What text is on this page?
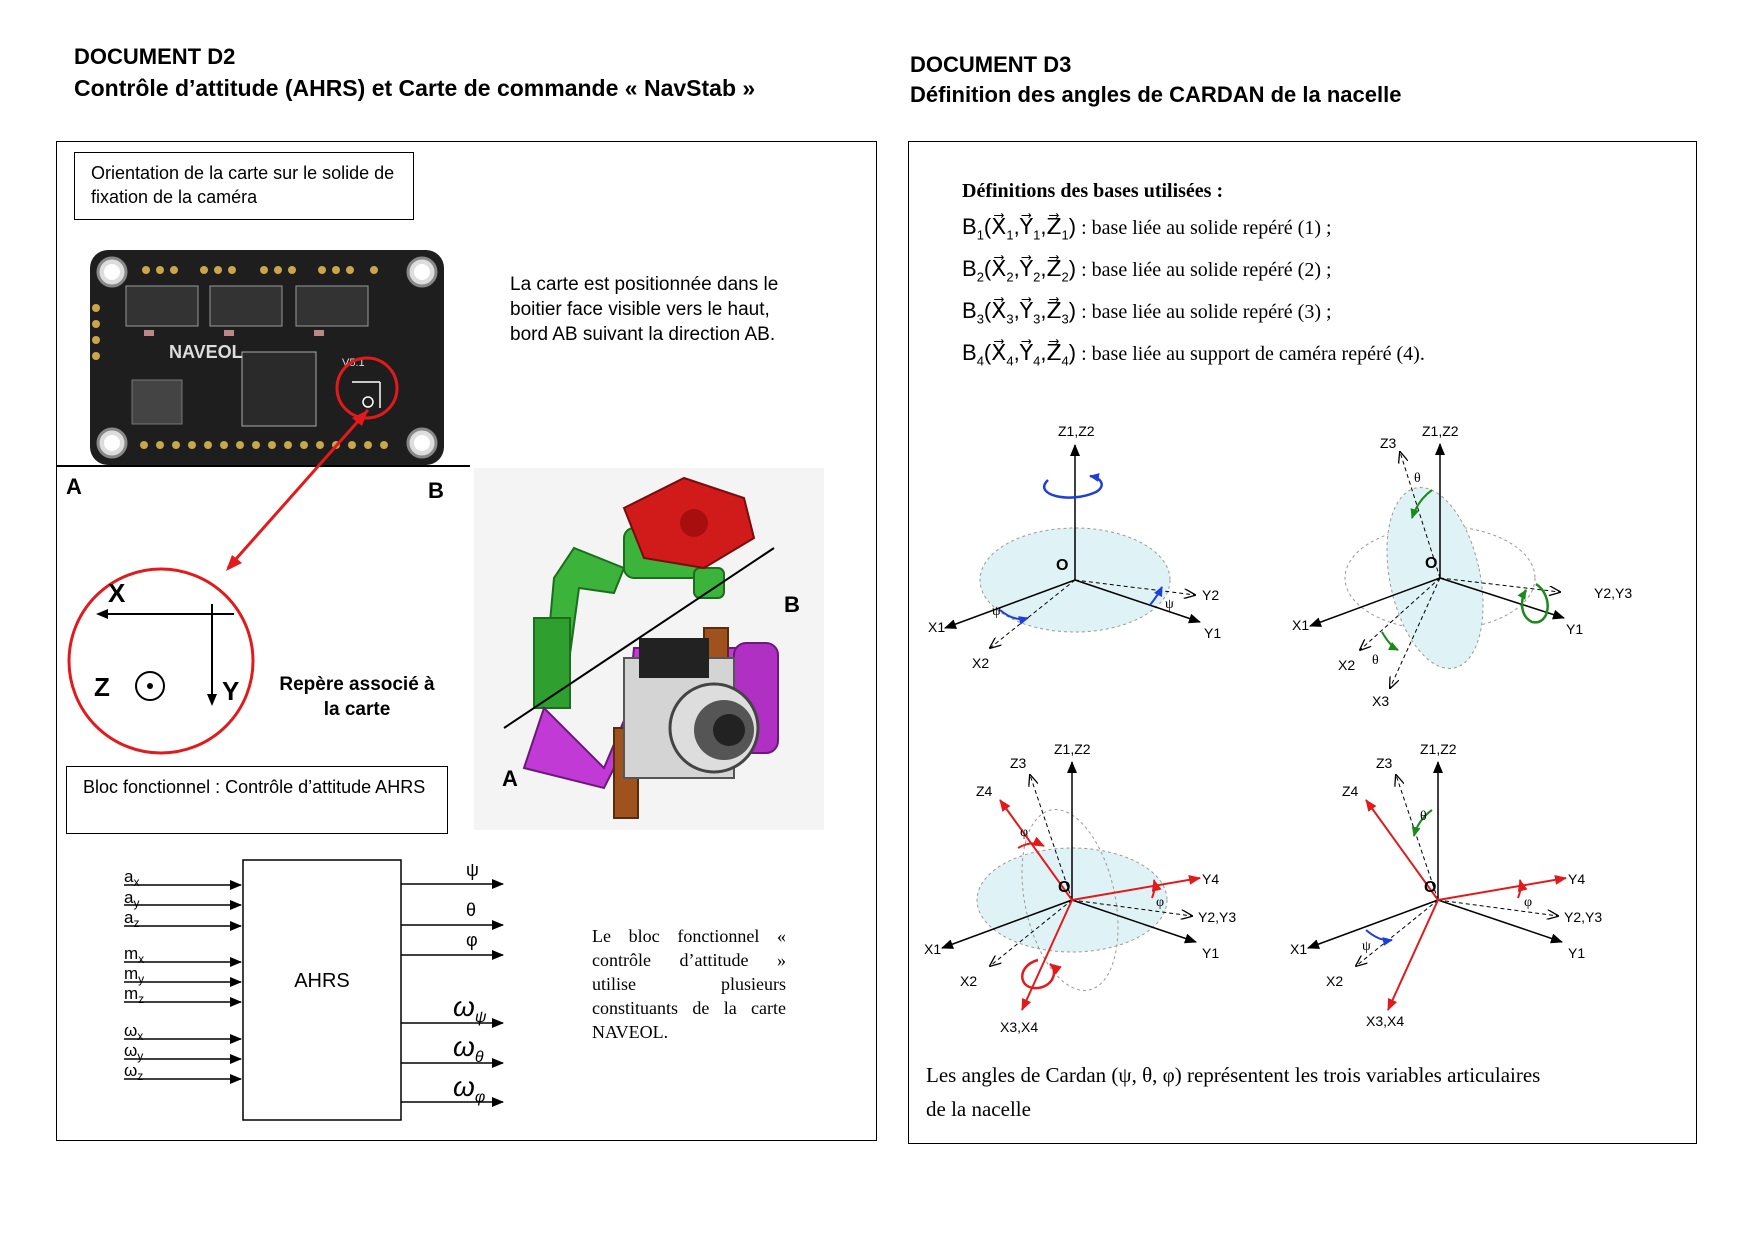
DOCUMENT D2
Contrôle d’attitude (AHRS) et Carte de commande « NavStab »
Orientation de la carte sur le solide de fixation de la caméra
NAVEOL
V5.1
A	B
La carte est positionnée dans le boitier face visible vers le haut, bord AB suivant la direction AB.
X
Z	Y	Repère associé à la carte
B
A
Bloc fonctionnel : Contrôle d’attitude AHRS
AHRS
$a_x$
$a_y$
$a_z$
$m_x$
$m_y$
$m_z$
$\omega_x$
$\omega_y$
$\omega_z$
ψ
θ
φ
$\omega_\psi$
$\omega_\theta$
$\omega_\varphi$
Le bloc fonctionnel « contrôle d’attitude » utilise plusieurs constituants de la carte NAVEOL.
DOCUMENT D3
Définition des angles de CARDAN de la nacelle
Définitions des bases utilisées :
$B_1(X⃗_1,Y⃗_1,Z⃗_1)$ : base liée au solide repéré (1) ;
$B_2(X⃗_2,Y⃗_2,Z⃗_2)$ : base liée au solide repéré (2) ;
$B_3(X⃗_3,Y⃗_3,Z⃗_3)$ : base liée au solide repéré (3) ;
$B_4(X⃗_4,Y⃗_4,Z⃗_4)$ : base liée au support de caméra repéré (4).
O
ψ	ψ
Z1,Z2
X1
X2
Y1
Y2
O
θ
θ
Z1,Z2
Z3
X1
X2
X3
Y1
Y2,Y3
O
φ
φ
Z1,Z2
Z3
Z4
X1
X2
X3,X4
Y1
Y2,Y3
Y4	O
θ
φ
ψ
Z1,Z2
Z3
Z4
X1
X2
X3,X4
Y1
Y2,Y3
Y4
Les angles de Cardan (ψ, θ, φ) représentent les trois variables articulaires
de la nacelle
